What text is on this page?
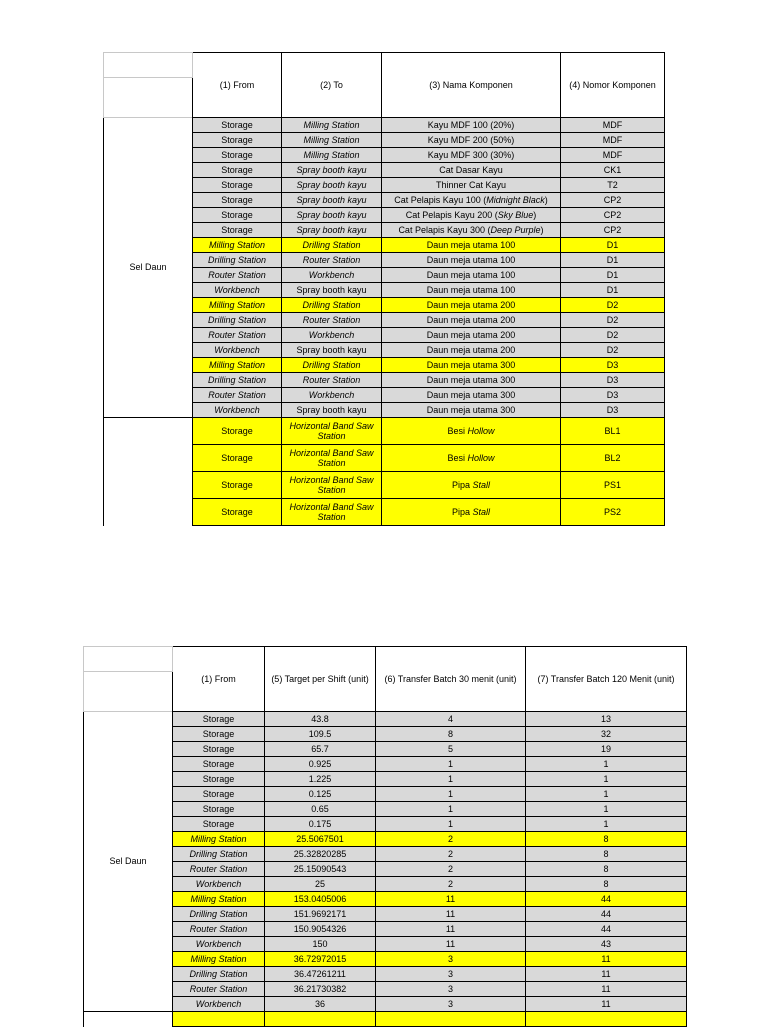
	(1) From	(2) To	(3) Nama Komponen	(4) Nomor Komponen

Sel Daun	Storage	Milling Station	Kayu MDF 100 (20%)	MDF
	Storage	Milling Station	Kayu MDF 200 (50%)	MDF
	Storage	Milling Station	Kayu MDF 300 (30%)	MDF
	Storage	Spray booth kayu	Cat Dasar Kayu	CK1
	Storage	Spray booth kayu	Thinner Cat Kayu	T2
	Storage	Spray booth kayu	Cat Pelapis Kayu 100 (Midnight Black)	CP2
	Storage	Spray booth kayu	Cat Pelapis Kayu 200 (Sky Blue)	CP2
	Storage	Spray booth kayu	Cat Pelapis Kayu 300 (Deep Purple)	CP2
	Milling Station	Drilling Station	Daun meja utama 100	D1
	Drilling Station	Router Station	Daun meja utama 100	D1
	Router Station	Workbench	Daun meja utama 100	D1
	Workbench	Spray booth kayu	Daun meja utama 100	D1
	Milling Station	Drilling Station	Daun meja utama 200	D2
	Drilling Station	Router Station	Daun meja utama 200	D2
	Router Station	Workbench	Daun meja utama 200	D2
	Workbench	Spray booth kayu	Daun meja utama 200	D2
	Milling Station	Drilling Station	Daun meja utama 300	D3
	Drilling Station	Router Station	Daun meja utama 300	D3
	Router Station	Workbench	Daun meja utama 300	D3
	Workbench	Spray booth kayu	Daun meja utama 300	D3
	Storage	Horizontal Band Saw Station	Besi Hollow	BL1
	Storage	Horizontal Band Saw Station	Besi Hollow	BL2
	Storage	Horizontal Band Saw Station	Pipa Stall	PS1
	Storage	Horizontal Band Saw Station	Pipa Stall	PS2
	(1) From	(5) Target per Shift (unit)	(6) Transfer Batch 30 menit (unit)	(7) Transfer Batch 120 Menit (unit)

Sel Daun	Storage	43.8	4	13
	Storage	109.5	8	32
	Storage	65.7	5	19
	Storage	0.925	1	1
	Storage	1.225	1	1
	Storage	0.125	1	1
	Storage	0.65	1	1
	Storage	0.175	1	1
	Milling Station	25.5067501	2	8
	Drilling Station	25.32820285	2	8
	Router Station	25.15090543	2	8
	Workbench	25	2	8
	Milling Station	153.0405006	11	44
	Drilling Station	151.9692171	11	44
	Router Station	150.9054326	11	44
	Workbench	150	11	43
	Milling Station	36.72972015	3	11
	Drilling Station	36.47261211	3	11
	Router Station	36.21730382	3	11
	Workbench	36	3	11
